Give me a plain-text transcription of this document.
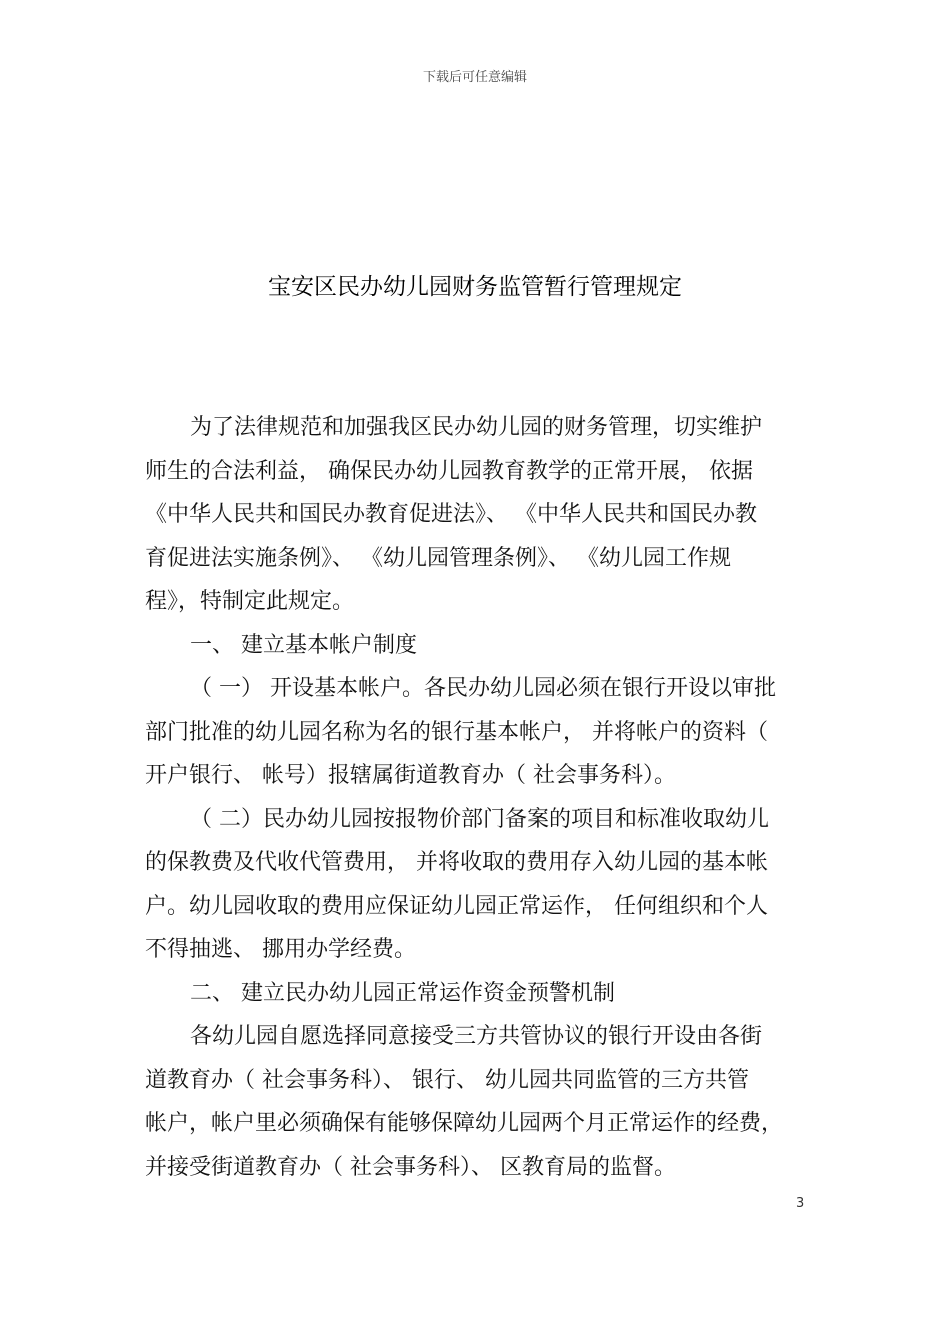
下载后可任意编辑
宝安区民办幼儿园财务监管暂行管理规定
为了法律规范和加强我区民办幼儿园的财务管理，切实维护
师生的合法利益， 确保民办幼儿园教育教学的正常开展， 依据
《中华人民共和国民办教育促进法》、 《中华人民共和国民办教
育促进法实施条例》、 《幼儿园管理条例》、 《幼儿园工作规
程》，特制定此规定。
一、 建立基本帐户制度
（ 一） 开设基本帐户。各民办幼儿园必须在银行开设以审批
部门批准的幼儿园名称为名的银行基本帐户， 并将帐户的资料（
开户银行、 帐号）报辖属街道教育办（ 社会事务科）。
（ 二）民办幼儿园按报物价部门备案的项目和标准收取幼儿
的保教费及代收代管费用， 并将收取的费用存入幼儿园的基本帐
户。幼儿园收取的费用应保证幼儿园正常运作， 任何组织和个人
不得抽逃、 挪用办学经费。
二、 建立民办幼儿园正常运作资金预警机制
各幼儿园自愿选择同意接受三方共管协议的银行开设由各街
道教育办（ 社会事务科）、 银行、 幼儿园共同监管的三方共管
帐户，帐户里必须确保有能够保障幼儿园两个月正常运作的经费，
并接受街道教育办（ 社会事务科）、 区教育局的监督。
3
